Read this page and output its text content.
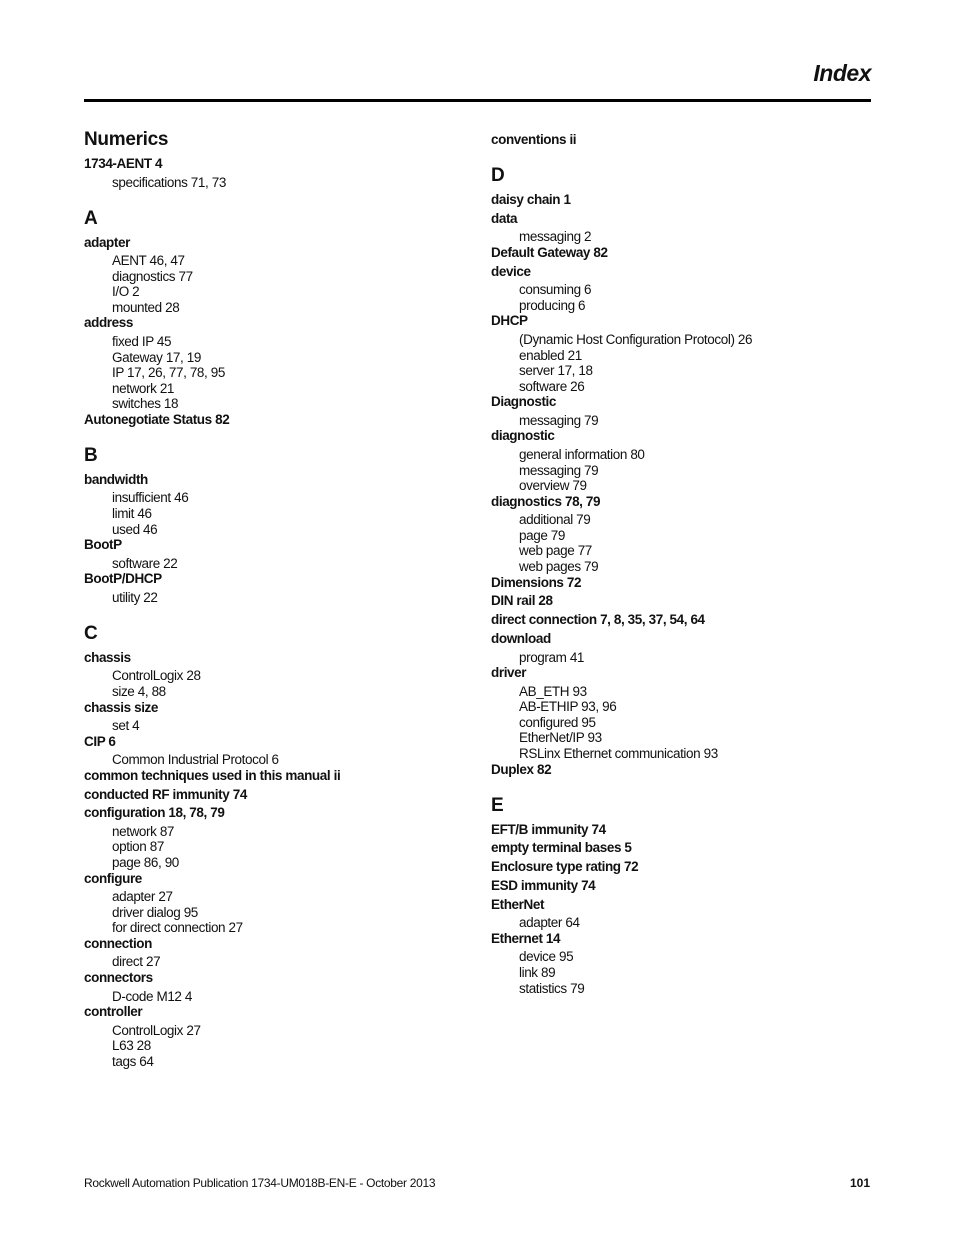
Index
Numerics
1734-AENT 4
specifications 71, 73
A
adapter
AENT 46, 47
diagnostics 77
I/O 2
mounted 28
address
fixed IP 45
Gateway 17, 19
IP 17, 26, 77, 78, 95
network 21
switches 18
Autonegotiate Status 82
B
bandwidth
insufficient 46
limit 46
used 46
BootP
software 22
BootP/DHCP
utility 22
C
chassis
ControlLogix 28
size 4, 88
chassis size
set 4
CIP 6
Common Industrial Protocol 6
common techniques used in this manual ii
conducted RF immunity 74
configuration 18, 78, 79
network 87
option 87
page 86, 90
configure
adapter 27
driver dialog 95
for direct connection 27
connection
direct 27
connectors
D-code M12 4
controller
ControlLogix 27
L63 28
tags 64
conventions ii
D
daisy chain 1
data
messaging 2
Default Gateway 82
device
consuming 6
producing 6
DHCP
(Dynamic Host Configuration Protocol) 26
enabled 21
server 17, 18
software 26
Diagnostic
messaging 79
diagnostic
general information 80
messaging 79
overview 79
diagnostics 78, 79
additional 79
page 79
web page 77
web pages 79
Dimensions 72
DIN rail 28
direct connection 7, 8, 35, 37, 54, 64
download
program 41
driver
AB_ETH 93
AB-ETHIP 93, 96
configured 95
EtherNet/IP 93
RSLinx Ethernet communication 93
Duplex 82
E
EFT/B immunity 74
empty terminal bases 5
Enclosure type rating 72
ESD immunity 74
EtherNet
adapter 64
Ethernet 14
device 95
link 89
statistics 79
Rockwell Automation Publication 1734-UM018B-EN-E - October 2013	101
